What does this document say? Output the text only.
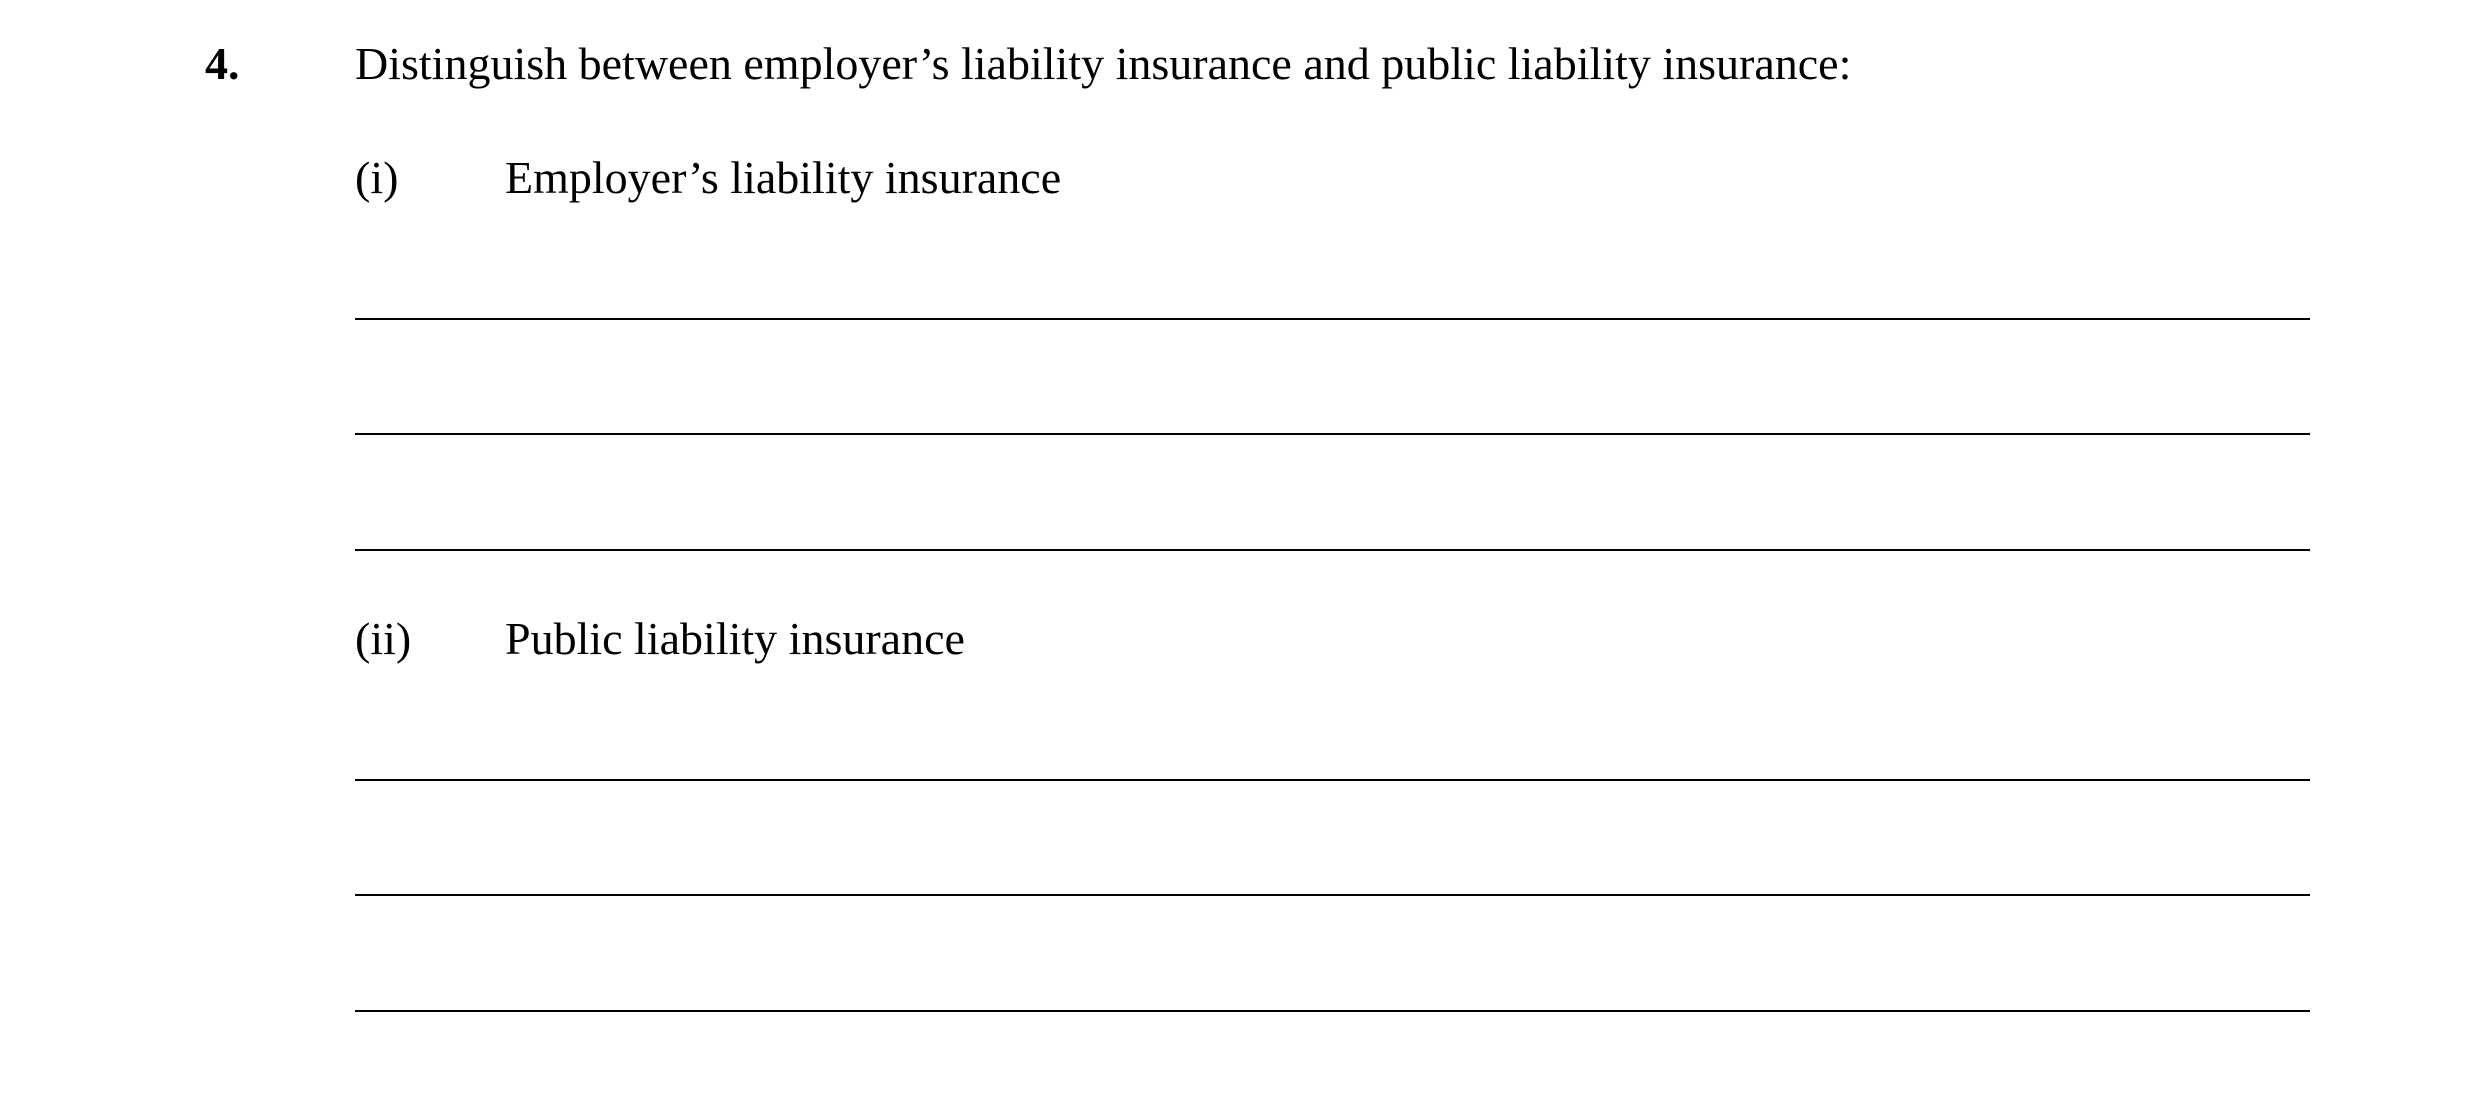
4.	Distinguish between employer’s liability insurance and public liability insurance:
(i) Employer’s liability insurance
(ii) Public liability insurance
